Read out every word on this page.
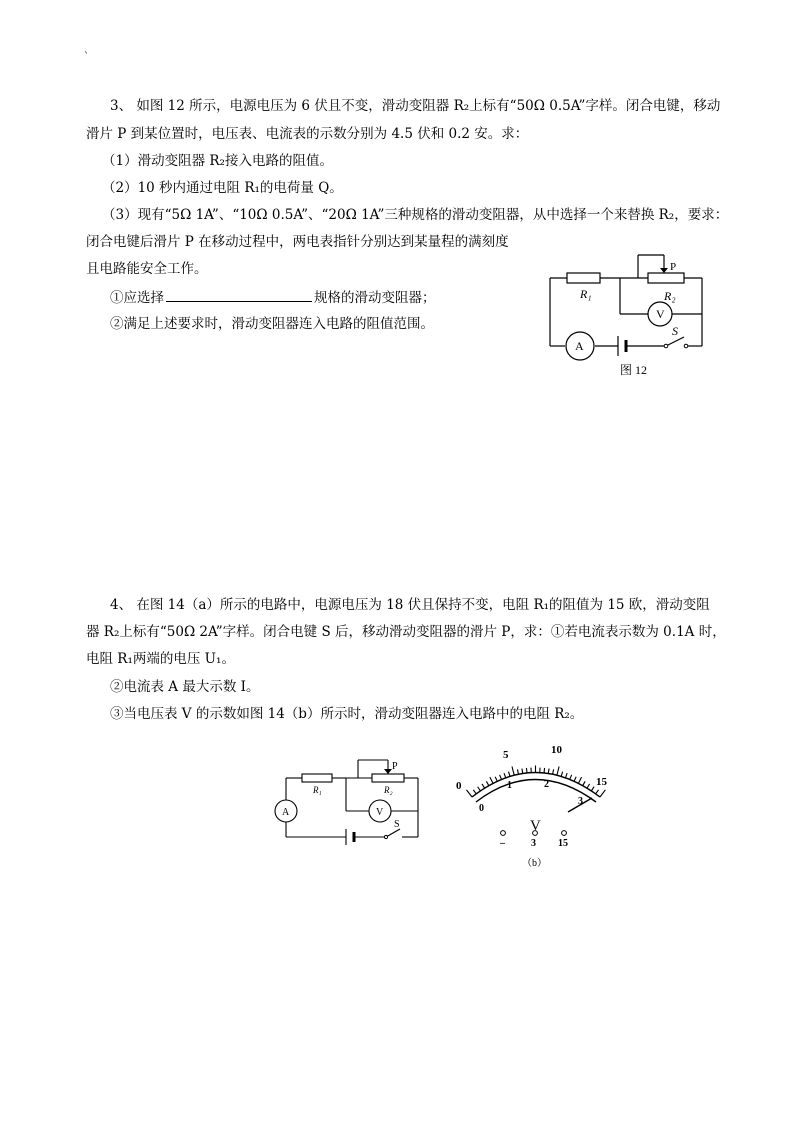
`
3、 如图 12 所示，电源电压为 6 伏且不变，滑动变阻器 R₂上标有“50Ω 0.5A”字样。闭合电键，移动
滑片 P 到某位置时，电压表、电流表的示数分别为 4.5 伏和 0.2 安。求：
（1）滑动变阻器 R₂接入电路的阻值。
（2）10 秒内通过电阻 R₁的电荷量 Q。
（3）现有“5Ω 1A”、“10Ω 0.5A”、“20Ω 1A”三种规格的滑动变阻器，从中选择一个来替换 R₂，要求：
闭合电键后滑片 P 在移动过程中，两电表指针分别达到某量程的满刻度
且电路能安全工作。
①应选择	规格的滑动变阻器；
②满足上述要求时，滑动变阻器连入电路的阻值范围。
R₁	R₂
P
V
A
S
图 12
4、 在图 14（a）所示的电路中，电源电压为 18 伏且保持不变，电阻 R₁的阻值为 15 欧，滑动变阻
器 R₂上标有“50Ω 2A”字样。闭合电键 S 后，移动滑动变阻器的滑片 P，求：①若电流表示数为 0.1A 时，
电阻 R₁两端的电压 U₁。
②电流表 A 最大示数 I。
③当电压表 V 的示数如图 14（b）所示时，滑动变阻器连入电路中的电阻 R₂。
R₁	R₂
P
V
A
S
0
5	10
15
0
1	2
3
V
–	3 15
（b）
